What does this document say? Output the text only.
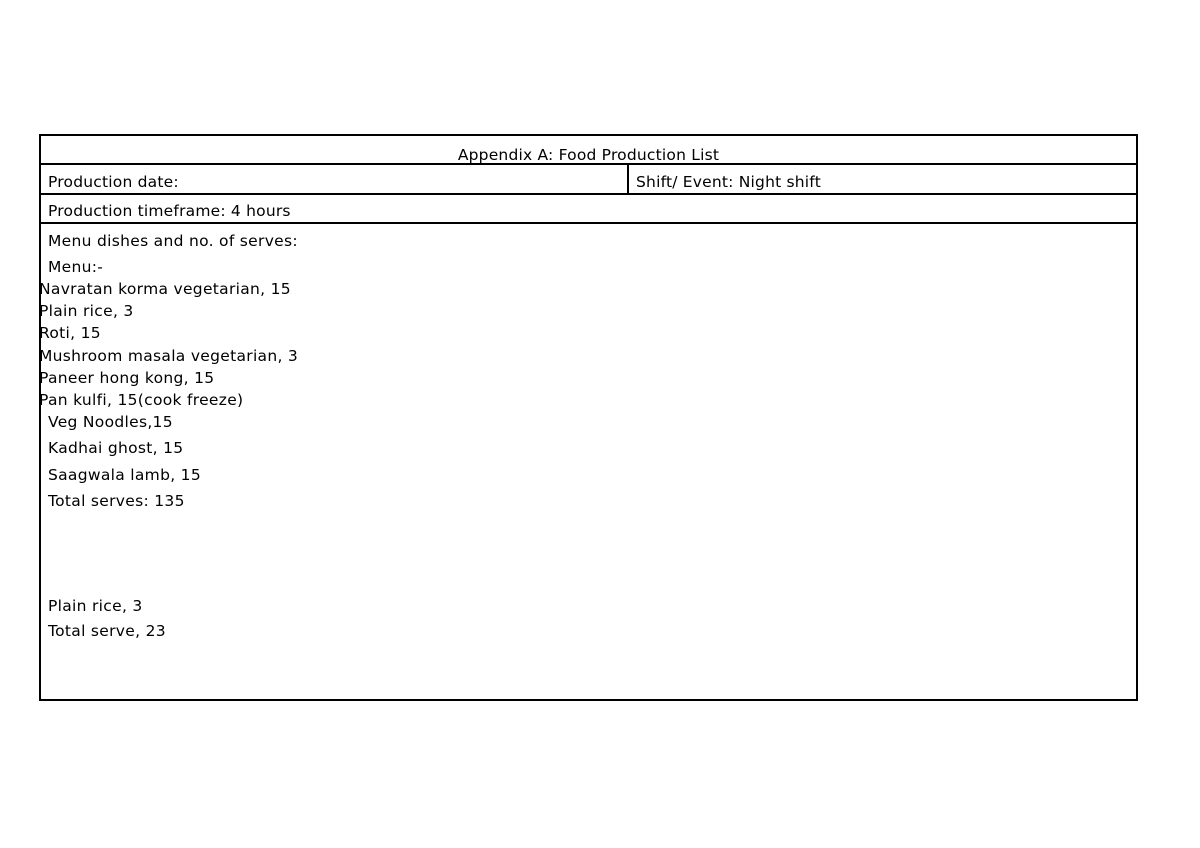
Appendix A: Food Production List
Production date:	Shift/ Event: Night shift
Production timeframe: 4 hours
Menu dishes and no. of serves:
Menu:-
Navratan korma vegetarian, 15
Plain rice, 3
Roti, 15
Mushroom masala vegetarian, 3
Paneer hong kong, 15
Pan kulfi, 15(cook freeze)
Veg Noodles,15
Kadhai ghost, 15
Saagwala lamb, 15
Total serves: 135
Plain rice, 3
Total serve, 23
